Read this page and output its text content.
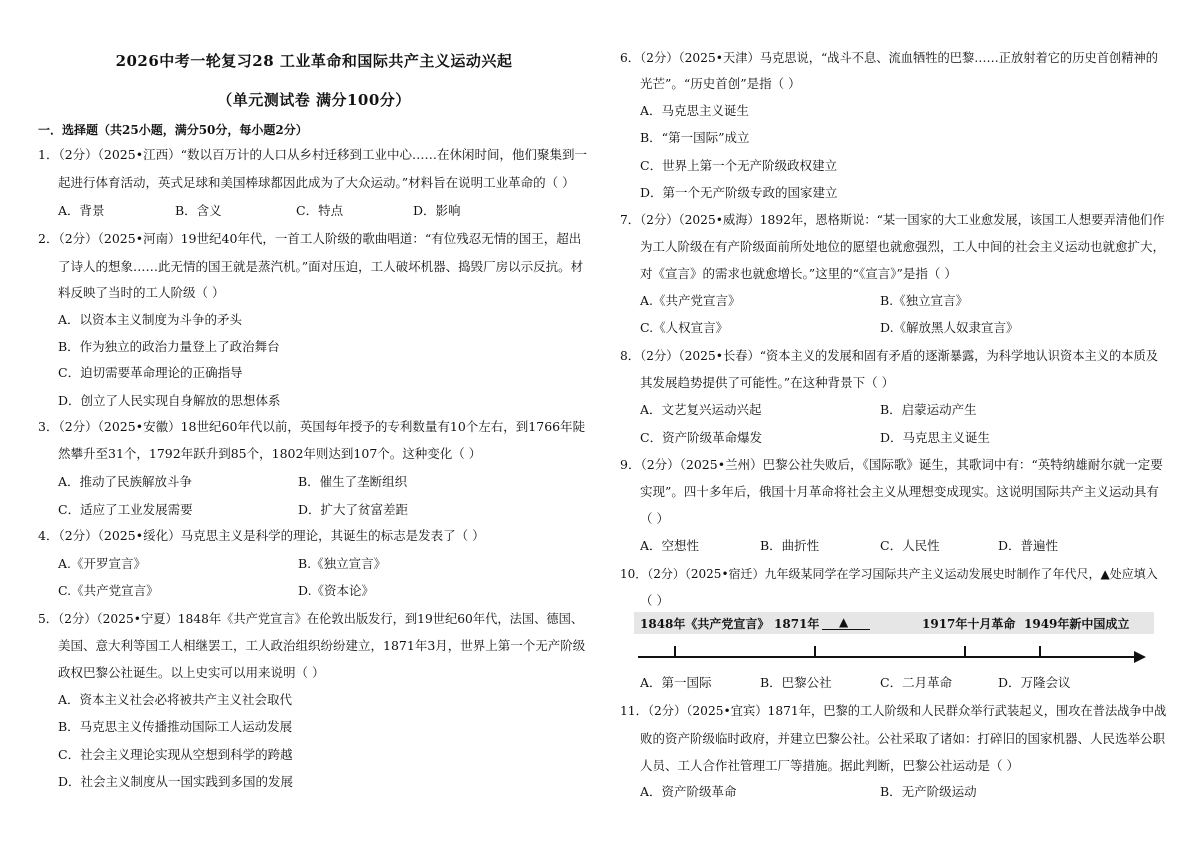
2026中考一轮复习28 工业革命和国际共产主义运动兴起
（单元测试卷 满分100分）
一．选择题（共25小题，满分50分，每小题2分）
1．（2分）（2025•江西）“数以百万计的人口从乡村迁移到工业中心……在休闲时间，他们聚集到一
起进行体育活动，英式足球和美国棒球都因此成为了大众运动。”材料旨在说明工业革命的（ ）
A．背景	B．含义	C．特点	D．影响
2．（2分）（2025•河南）19世纪40年代，一首工人阶级的歌曲唱道：“有位残忍无情的国王，超出
了诗人的想象……此无情的国王就是蒸汽机。”面对压迫，工人破坏机器、捣毁厂房以示反抗。材
料反映了当时的工人阶级（ ）
A．以资本主义制度为斗争的矛头
B．作为独立的政治力量登上了政治舞台
C．迫切需要革命理论的正确指导
D．创立了人民实现自身解放的思想体系
3．（2分）（2025•安徽）18世纪60年代以前，英国每年授予的专利数量有10个左右，到1766年陡
然攀升至31个，1792年跃升到85个，1802年则达到107个。这种变化（ ）
A．推动了民族解放斗争	B．催生了垄断组织
C．适应了工业发展需要	D．扩大了贫富差距
4．（2分）（2025•绥化）马克思主义是科学的理论，其诞生的标志是发表了（ ）
A.《开罗宣言》	B.《独立宣言》
C.《共产党宣言》	D.《资本论》
5．（2分）（2025•宁夏）1848年《共产党宣言》在伦敦出版发行，到19世纪60年代，法国、德国、
美国、意大利等国工人相继罢工，工人政治组织纷纷建立，1871年3月，世界上第一个无产阶级
政权巴黎公社诞生。以上史实可以用来说明（ ）
A．资本主义社会必将被共产主义社会取代
B．马克思主义传播推动国际工人运动发展
C．社会主义理论实现从空想到科学的跨越
D．社会主义制度从一国实践到多国的发展
6．（2分）（2025•天津）马克思说，“战斗不息、流血牺牲的巴黎……正放射着它的历史首创精神的
光芒”。“历史首创”是指（ ）
A．马克思主义诞生
B．“第一国际”成立
C．世界上第一个无产阶级政权建立
D．第一个无产阶级专政的国家建立
7．（2分）（2025•威海）1892年，恩格斯说：“某一国家的大工业愈发展，该国工人想要弄清他们作
为工人阶级在有产阶级面前所处地位的愿望也就愈强烈，工人中间的社会主义运动也就愈扩大，
对《宣言》的需求也就愈增长。”这里的“《宣言》”是指（ ）
A.《共产党宣言》	B.《独立宣言》
C.《人权宣言》	D.《解放黑人奴隶宣言》
8．（2分）（2025•长春）“资本主义的发展和固有矛盾的逐渐暴露，为科学地认识资本主义的本质及
其发展趋势提供了可能性。”在这种背景下（ ）
A．文艺复兴运动兴起	B．启蒙运动产生
C．资产阶级革命爆发	D．马克思主义诞生
9．（2分）（2025•兰州）巴黎公社失败后，《国际歌》诞生，其歌词中有：“英特纳雄耐尔就一定要
实现”。四十多年后，俄国十月革命将社会主义从理想变成现实。这说明国际共产主义运动具有
（ ）
A．空想性	B．曲折性	C．人民性	D．普遍性
10．（2分）（2025•宿迁）九年级某同学在学习国际共产主义运动发展史时制作了年代尺，▲处应填入
（ ）
1848年《共产党宣言》 1871年 ▲	1917年十月革命 1949年新中国成立
A．第一国际	B．巴黎公社	C．二月革命	D．万隆会议
11．（2分）（2025•宜宾）1871年，巴黎的工人阶级和人民群众举行武装起义，围攻在普法战争中战
败的资产阶级临时政府，并建立巴黎公社。公社采取了诸如：打碎旧的国家机器、人民选举公职
人员、工人合作社管理工厂等措施。据此判断，巴黎公社运动是（ ）
A．资产阶级革命	B．无产阶级运动
